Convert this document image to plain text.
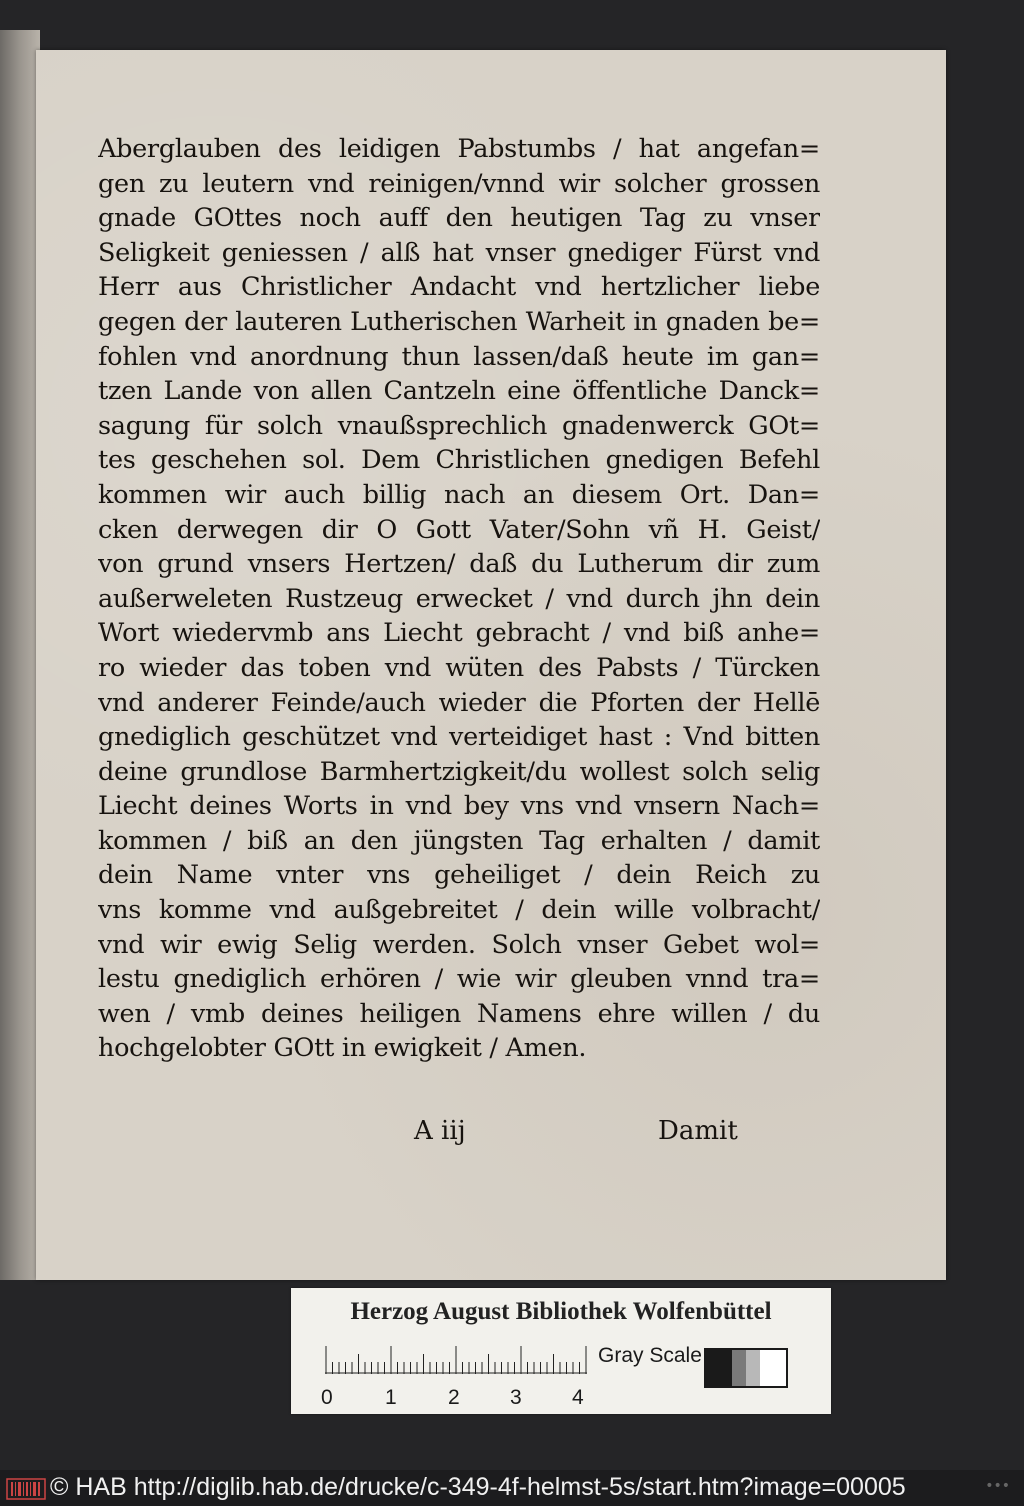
Aberglauben des leidigen Pabstumbs / hat angefan=
gen zu leutern vnd reinigen/vnnd wir solcher grossen
gnade GOttes noch auff den heutigen Tag zu vnser
Seligkeit geniessen / alß hat vnser gnediger Fürst vnd
Herr aus Christlicher Andacht vnd hertzlicher liebe
gegen der lauteren Lutherischen Warheit in gnaden be=
fohlen vnd anordnung thun lassen/daß heute im gan=
tzen Lande von allen Cantzeln eine öffentliche Danck=
sagung für solch vnaußsprechlich gnadenwerck GOt=
tes geschehen sol. Dem Christlichen gnedigen Befehl
kommen wir auch billig nach an diesem Ort. Dan=
cken derwegen dir O Gott Vater/Sohn vñ H. Geist/
von grund vnsers Hertzen/ daß du Lutherum dir zum
außerweleten Rustzeug erwecket / vnd durch jhn dein
Wort wiedervmb ans Liecht gebracht / vnd biß anhe=
ro wieder das toben vnd wüten des Pabsts / Türcken
vnd anderer Feinde/auch wieder die Pforten der Hellē
gnediglich geschützet vnd verteidiget hast : Vnd bitten
deine grundlose Barmhertzigkeit/du wollest solch selig
Liecht deines Worts in vnd bey vns vnd vnsern Nach=
kommen / biß an den jüngsten Tag erhalten / damit
dein Name vnter vns geheiliget / dein Reich zu
vns komme vnd außgebreitet / dein wille volbracht/
vnd wir ewig Selig werden. Solch vnser Gebet wol=
lestu gnediglich erhören / wie wir gleuben vnnd tra=
wen / vmb deines heiligen Namens ehre willen / du
hochgelobter GOtt in ewigkeit / Amen.
A iij	Damit
Herzog August Bibliothek Wolfenbüttel
0 1 2 3 4
Gray Scale
© HAB http://diglib.hab.de/drucke/c-349-4f-helmst-5s/start.htm?image=00005	•••
